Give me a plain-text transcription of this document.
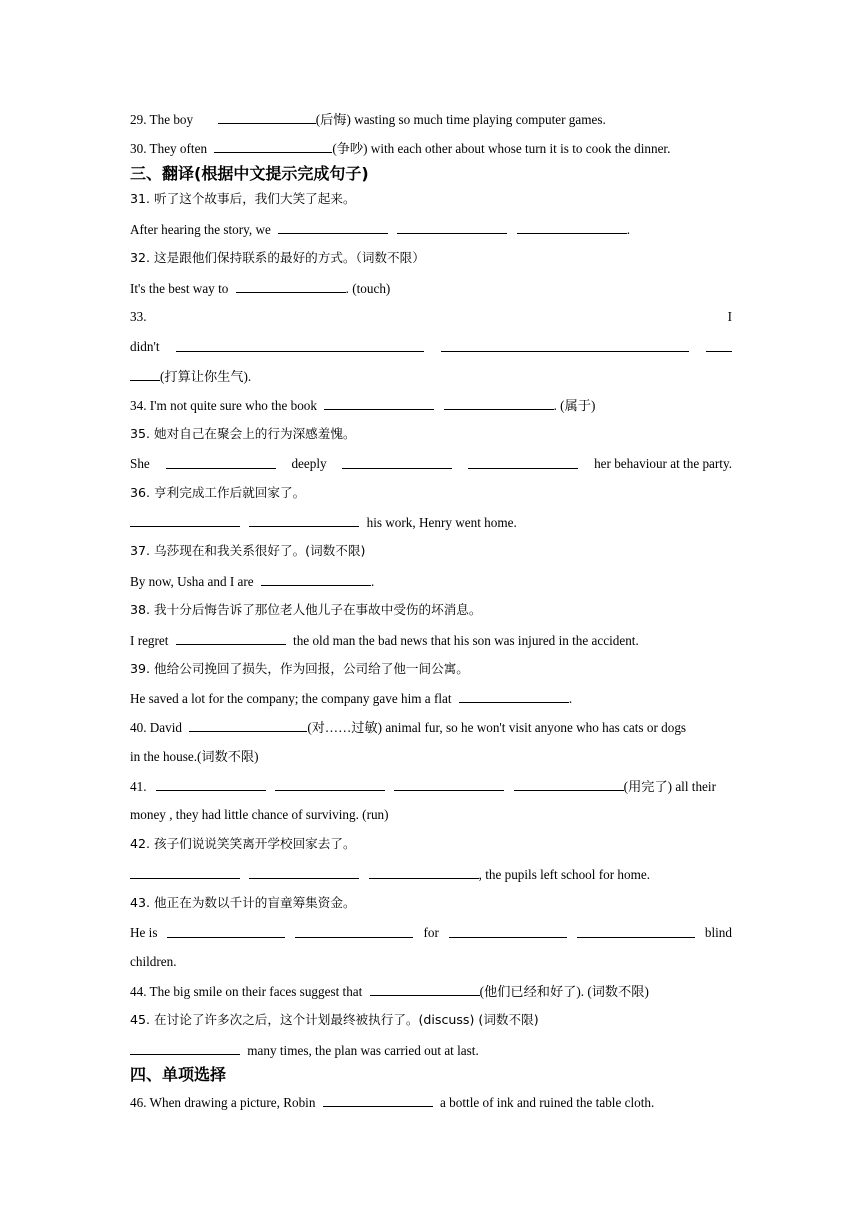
29. The boy	(后悔) wasting so much time playing computer games.
30. They often	(争吵) with each other about whose turn it is to cook the dinner.
三、翻译(根据中文提示完成句子)
31. 听了这个故事后，我们大笑了起来。
After hearing the story, we	.
32. 这是跟他们保持联系的最好的方式。（词数不限）
It's the best way to	. (touch)
33.	I
didn't
(打算让你生气).
34. I'm not quite sure who the book	. (属于)
35. 她对自己在聚会上的行为深感羞愧。
She	deeply	her behaviour at the party.
36. 亨利完成工作后就回家了。
his work, Henry went home.
37. 乌莎现在和我关系很好了。(词数不限)
By now, Usha and I are	.
38. 我十分后悔告诉了那位老人他儿子在事故中受伤的坏消息。
I regret	the old man the bad news that his son was injured in the accident.
39. 他给公司挽回了损失，作为回报，公司给了他一间公寓。
He saved a lot for the company; the company gave him a flat	.
40. David	(对……过敏) animal fur, so he won't visit anyone who has cats or dogs
in the house.(词数不限)
41.	(用完了) all their
money , they had little chance of surviving. (run)
42. 孩子们说说笑笑离开学校回家去了。
, the pupils left school for home.
43. 他正在为数以千计的盲童筹集资金。
He is	for	blind
children.
44. The big smile on their faces suggest that	(他们已经和好了). (词数不限)
45. 在讨论了许多次之后，这个计划最终被执行了。(discuss) (词数不限)
many times, the plan was carried out at last.
四、单项选择
46. When drawing a picture, Robin	a bottle of ink and ruined the table cloth.
